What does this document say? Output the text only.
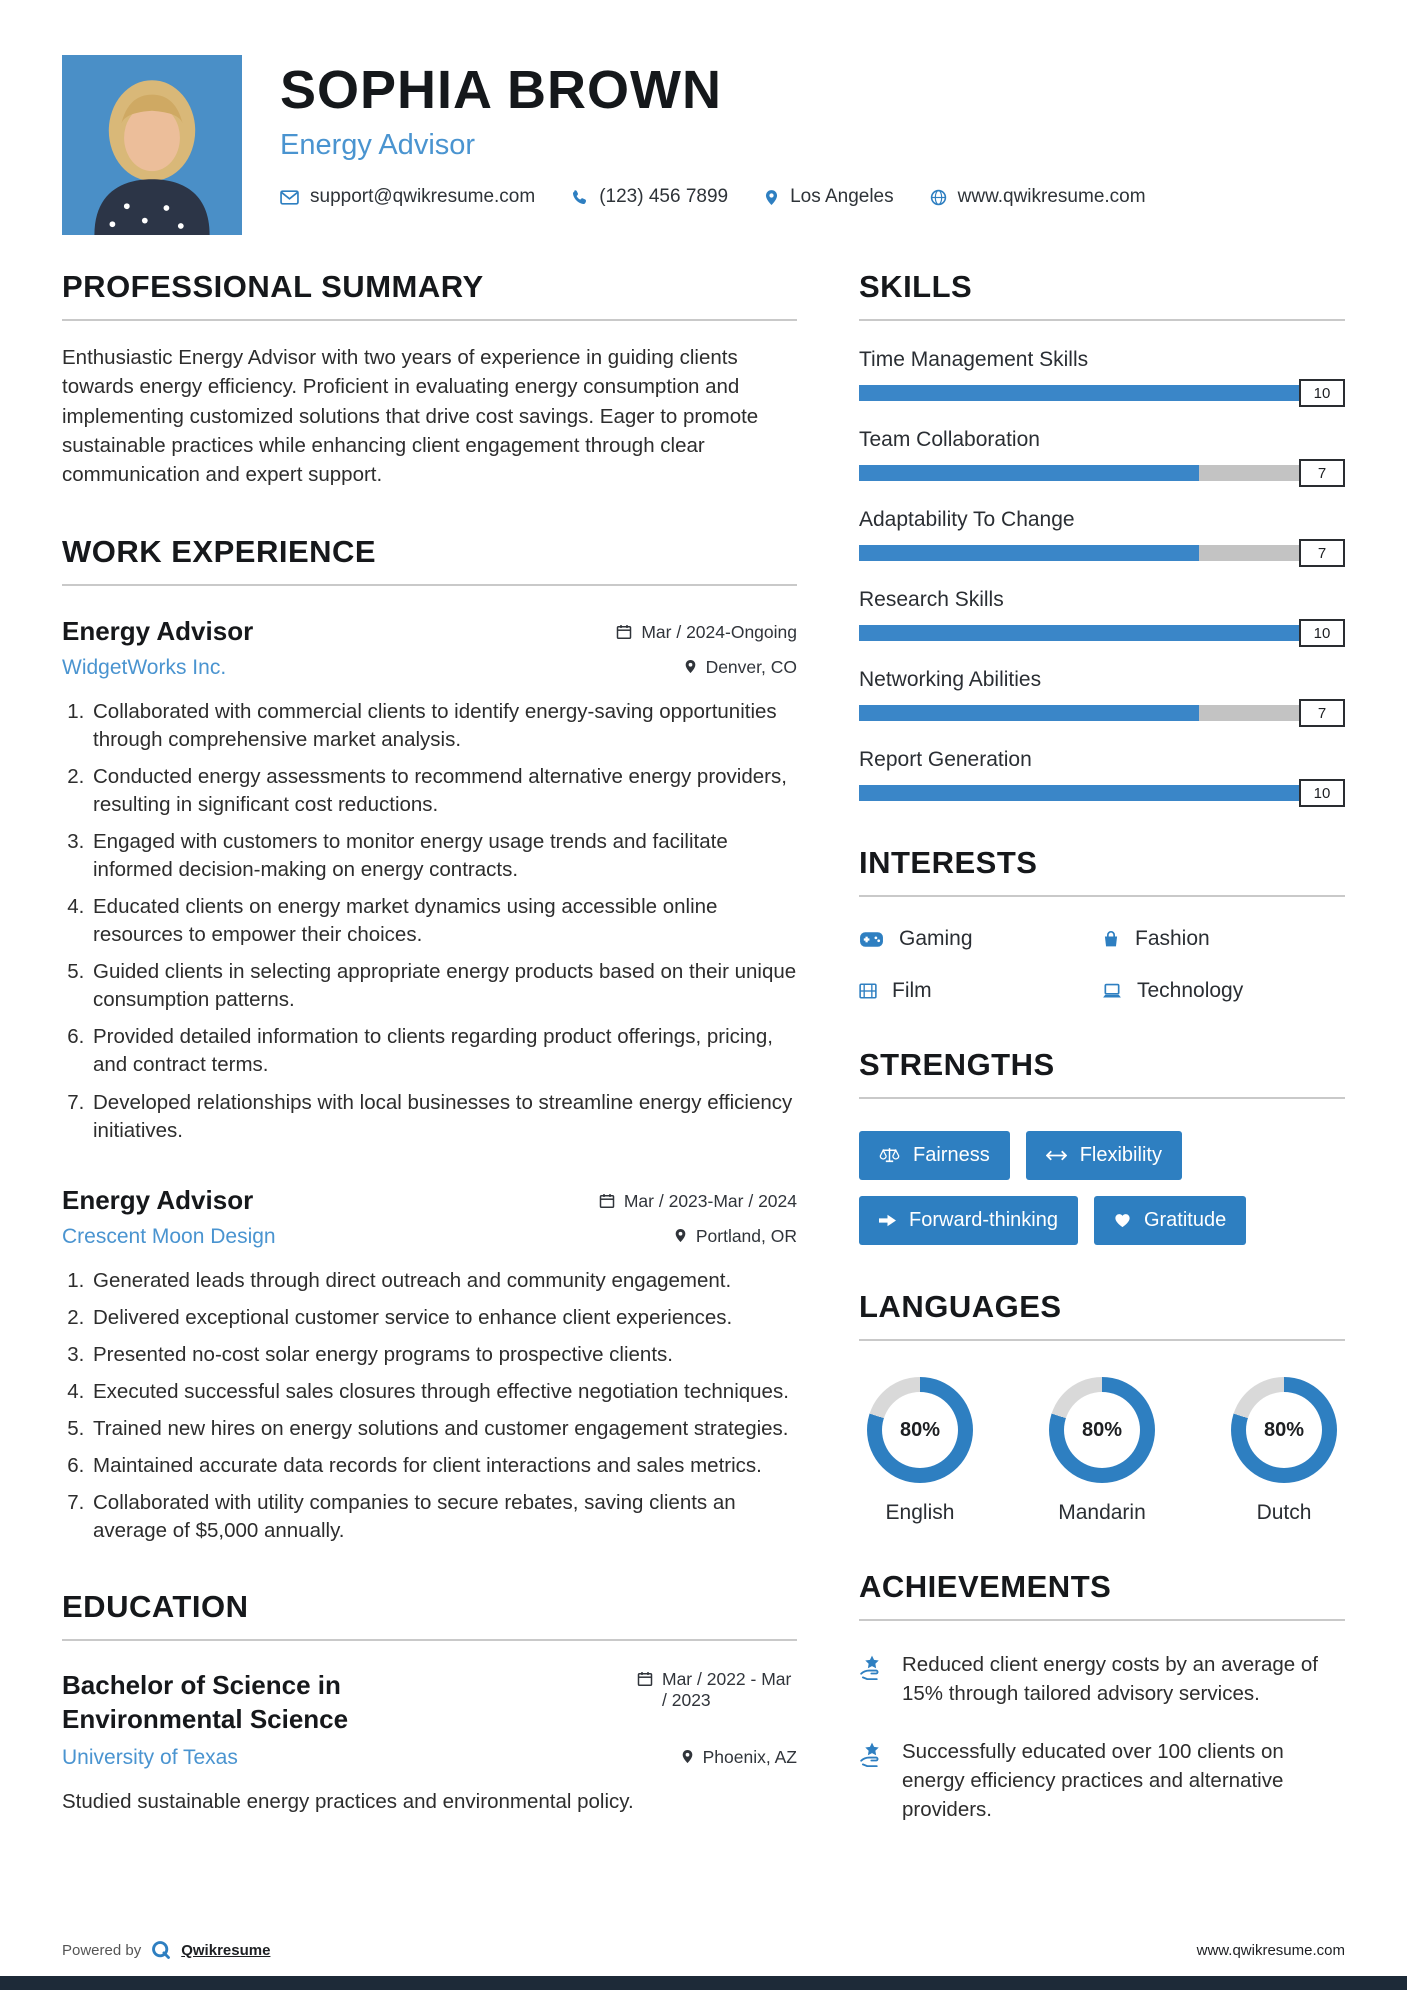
SOPHIA BROWN
Energy Advisor
support@qwikresume.com	(123) 456 7899	Los Angeles	www.qwikresume.com
PROFESSIONAL SUMMARY

Enthusiastic Energy Advisor with two years of experience in guiding clients towards energy efficiency. Proficient in evaluating energy consumption and implementing customized solutions that drive cost savings. Eager to promote sustainable practices while enhancing client engagement through clear communication and expert support.

WORK EXPERIENCE
Energy Advisor	Mar / 2024-Ongoing
WidgetWorks Inc.	Denver, CO
1. Collaborated with commercial clients to identify energy-saving opportunities through comprehensive market analysis.
2. Conducted energy assessments to recommend alternative energy providers, resulting in significant cost reductions.
3. Engaged with customers to monitor energy usage trends and facilitate informed decision-making on energy contracts.
4. Educated clients on energy market dynamics using accessible online resources to empower their choices.
5. Guided clients in selecting appropriate energy products based on their unique consumption patterns.
6. Provided detailed information to clients regarding product offerings, pricing, and contract terms.
7. Developed relationships with local businesses to streamline energy efficiency initiatives.
Energy Advisor	Mar / 2023-Mar / 2024
Crescent Moon Design	Portland, OR
1. Generated leads through direct outreach and community engagement.
2. Delivered exceptional customer service to enhance client experiences.
3. Presented no-cost solar energy programs to prospective clients.
4. Executed successful sales closures through effective negotiation techniques.
5. Trained new hires on energy solutions and customer engagement strategies.
6. Maintained accurate data records for client interactions and sales metrics.
7. Collaborated with utility companies to secure rebates, saving clients an average of $5,000 annually.
EDUCATION
Bachelor of Science in Environmental Science
Mar / 2022 - Mar / 2023
University of Texas	Phoenix, AZ

Studied sustainable energy practices and environmental policy.

SKILLS
Time Management Skills
10
Team Collaboration
7
Adaptability To Change
7
Research Skills
10
Networking Abilities
7
Report Generation
10
INTERESTS
Gaming	Fashion
Film	Technology
STRENGTHS
Fairness	Flexibility
Forward-thinking	Gratitude
LANGUAGES
80%
English
80%
Mandarin
80%
Dutch
ACHIEVEMENTS
Reduced client energy costs by an average of 15% through tailored advisory services.
Successfully educated over 100 clients on energy efficiency practices and alternative providers.
Powered by	Qwikresume	www.qwikresume.com
